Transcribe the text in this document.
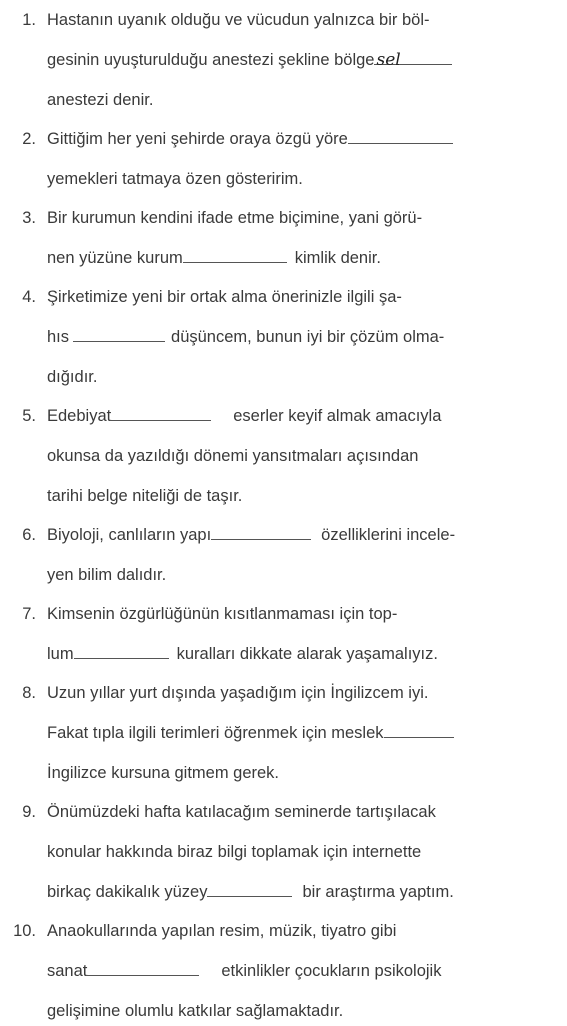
1. Hastanın uyanık olduğu ve vücudun yalnızca bir böl-
gesinin uyuşturulduğu anestezi şekline bölge sel
anestezi denir.
2. Gittiğim her yeni şehirde oraya özgü yöre
yemekleri tatmaya özen gösteririm.
3. Bir kurumun kendini ifade etme biçimine, yani görü-
nen yüzüne kurum	kimlik denir.
4. Şirketimize yeni bir ortak alma önerinizle ilgili şa-
hıs	düşüncem, bunun iyi bir çözüm olma-
dığıdır.
5. Edebiyat	eserler keyif almak amacıyla
okunsa da yazıldığı dönemi yansıtmaları açısından
tarihi belge niteliği de taşır.
6. Biyoloji, canlıların yapı	özelliklerini incele-
yen bilim dalıdır.
7. Kimsenin özgürlüğünün kısıtlanmaması için top-
lum	kuralları dikkate alarak yaşamalıyız.
8. Uzun yıllar yurt dışında yaşadığım için İngilizcem iyi.
Fakat tıpla ilgili terimleri öğrenmek için meslek
İngilizce kursuna gitmem gerek.
9. Önümüzdeki hafta katılacağım seminerde tartışılacak
konular hakkında biraz bilgi toplamak için internette
birkaç dakikalık yüzey	bir araştırma yaptım.
10. Anaokullarında yapılan resim, müzik, tiyatro gibi
sanat	etkinlikler çocukların psikolojik
gelişimine olumlu katkılar sağlamaktadır.
